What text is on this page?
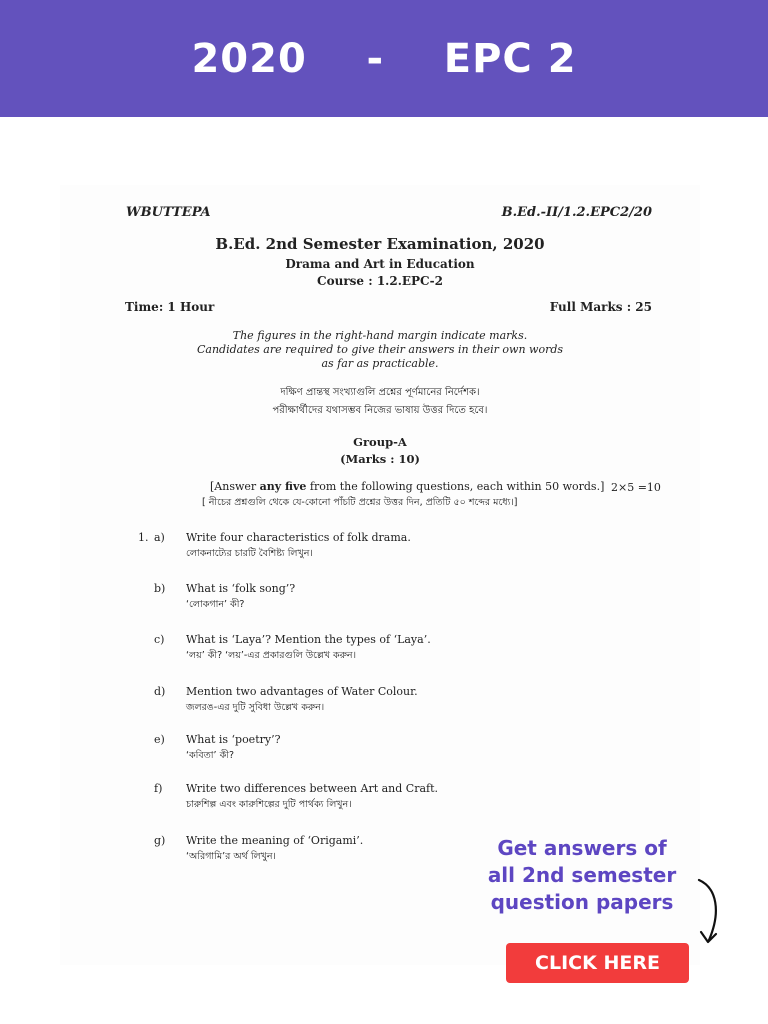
2020    -    EPC 2
WBUTTEPA	B.Ed.-II/1.2.EPC2/20
B.Ed. 2nd Semester Examination, 2020
Drama and Art in Education
Course : 1.2.EPC-2
Time: 1 Hour	Full Marks : 25
The figures in the right-hand margin indicate marks.
Candidates are required to give their answers in their own words
as far as practicable.
দক্ষিণ প্রান্তস্থ সংখ্যাগুলি প্রশ্নের পূর্ণমানের নির্দেশক।
পরীক্ষার্থীদের যথাসম্ভব নিজের ভাষায় উত্তর দিতে হবে।
Group-A
(Marks : 10)
[Answer any five from the following questions, each within 50 words.] 2×5 =10
[ নীচের প্রশ্নগুলি থেকে যে-কোনো পাঁচটি প্রশ্নের উত্তর দিন, প্রতিটি ৫০ শব্দের মধ্যে।]
1. a)	Write four characteristics of folk drama.
লোকনাট্যের চারটি বৈশিষ্ট্য লিখুন।
b)	What is ‘folk song’?
‘লোকগান’ কী?
c)	What is ‘Laya’? Mention the types of ‘Laya’.
‘লয়’ কী? ‘লয়’-এর প্রকারগুলি উল্লেখ করুন।
d)	Mention two advantages of Water Colour.
জলরঙ-এর দুটি সুবিধা উল্লেখ করুন।
e)	What is ‘poetry’?
‘কবিতা’ কী?
f)	Write two differences between Art and Craft.
চারুশিল্প এবং কারুশিল্পের দুটি পার্থক্য লিখুন।
g)	Write the meaning of ‘Origami’.
‘অরিগামি’র অর্থ লিখুন।	Get answers of
all 2nd semester
question papers
CLICK HERE
